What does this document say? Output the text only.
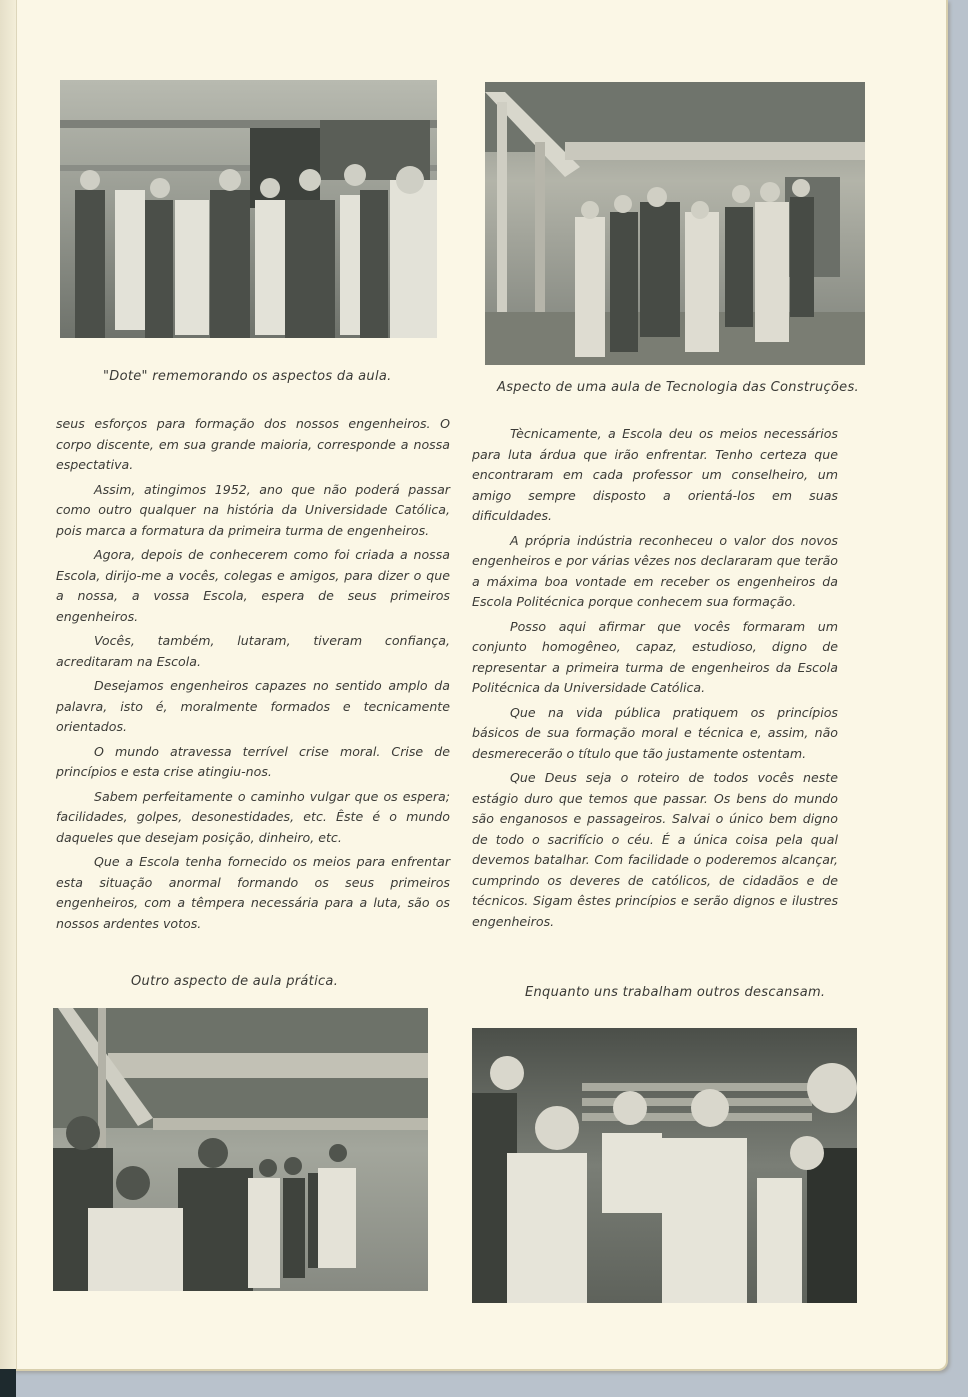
"Dote" rememorando os aspectos da aula.
Aspecto de uma aula de Tecnologia das Construções.

seus esforços para formação dos nossos engenheiros. O corpo discente, em sua grande maioria, corresponde a nossa espectativa.

Assim, atingimos 1952, ano que não poderá passar como outro qualquer na história da Universidade Católica, pois marca a formatura da primeira turma de engenheiros.

Agora, depois de conhecerem como foi criada a nossa Escola, dirijo-me a vocês, colegas e amigos, para dizer o que a nossa, a vossa Escola, espera de seus primeiros engenheiros.

Vocês, também, lutaram, tiveram confiança, acreditaram na Escola.

Desejamos engenheiros capazes no sentido amplo da palavra, isto é, moralmente formados e tecnicamente orientados.

O mundo atravessa terrível crise moral. Crise de princípios e esta crise atingiu-nos.

Sabem perfeitamente o caminho vulgar que os espera; facilidades, golpes, desonestidades, etc. Êste é o mundo daqueles que desejam posição, dinheiro, etc.

Que a Escola tenha fornecido os meios para enfrentar esta situação anormal formando os seus primeiros engenheiros, com a têmpera necessária para a luta, são os nossos ardentes votos.

Tècnicamente, a Escola deu os meios necessários para luta árdua que irão enfrentar. Tenho certeza que encontraram em cada professor um conselheiro, um amigo sempre disposto a orientá-los em suas dificuldades.

A própria indústria reconheceu o valor dos novos engenheiros e por várias vêzes nos declararam que terão a máxima boa vontade em receber os engenheiros da Escola Politécnica porque conhecem sua formação.

Posso aqui afirmar que vocês formaram um conjunto homogêneo, capaz, estudioso, digno de representar a primeira turma de engenheiros da Escola Politécnica da Universidade Católica.

Que na vida pública pratiquem os princípios básicos de sua formação moral e técnica e, assim, não desmerecerão o título que tão justamente ostentam.

Que Deus seja o roteiro de todos vocês neste estágio duro que temos que passar. Os bens do mundo são enganosos e passageiros. Salvai o único bem digno de todo o sacrifício o céu. É a única coisa pela qual devemos batalhar. Com facilidade o poderemos alcançar, cumprindo os deveres de católicos, de cidadãos e de técnicos. Sigam êstes princípios e serão dignos e ilustres engenheiros.

Outro aspecto de aula prática.
Enquanto uns trabalham outros descansam.
